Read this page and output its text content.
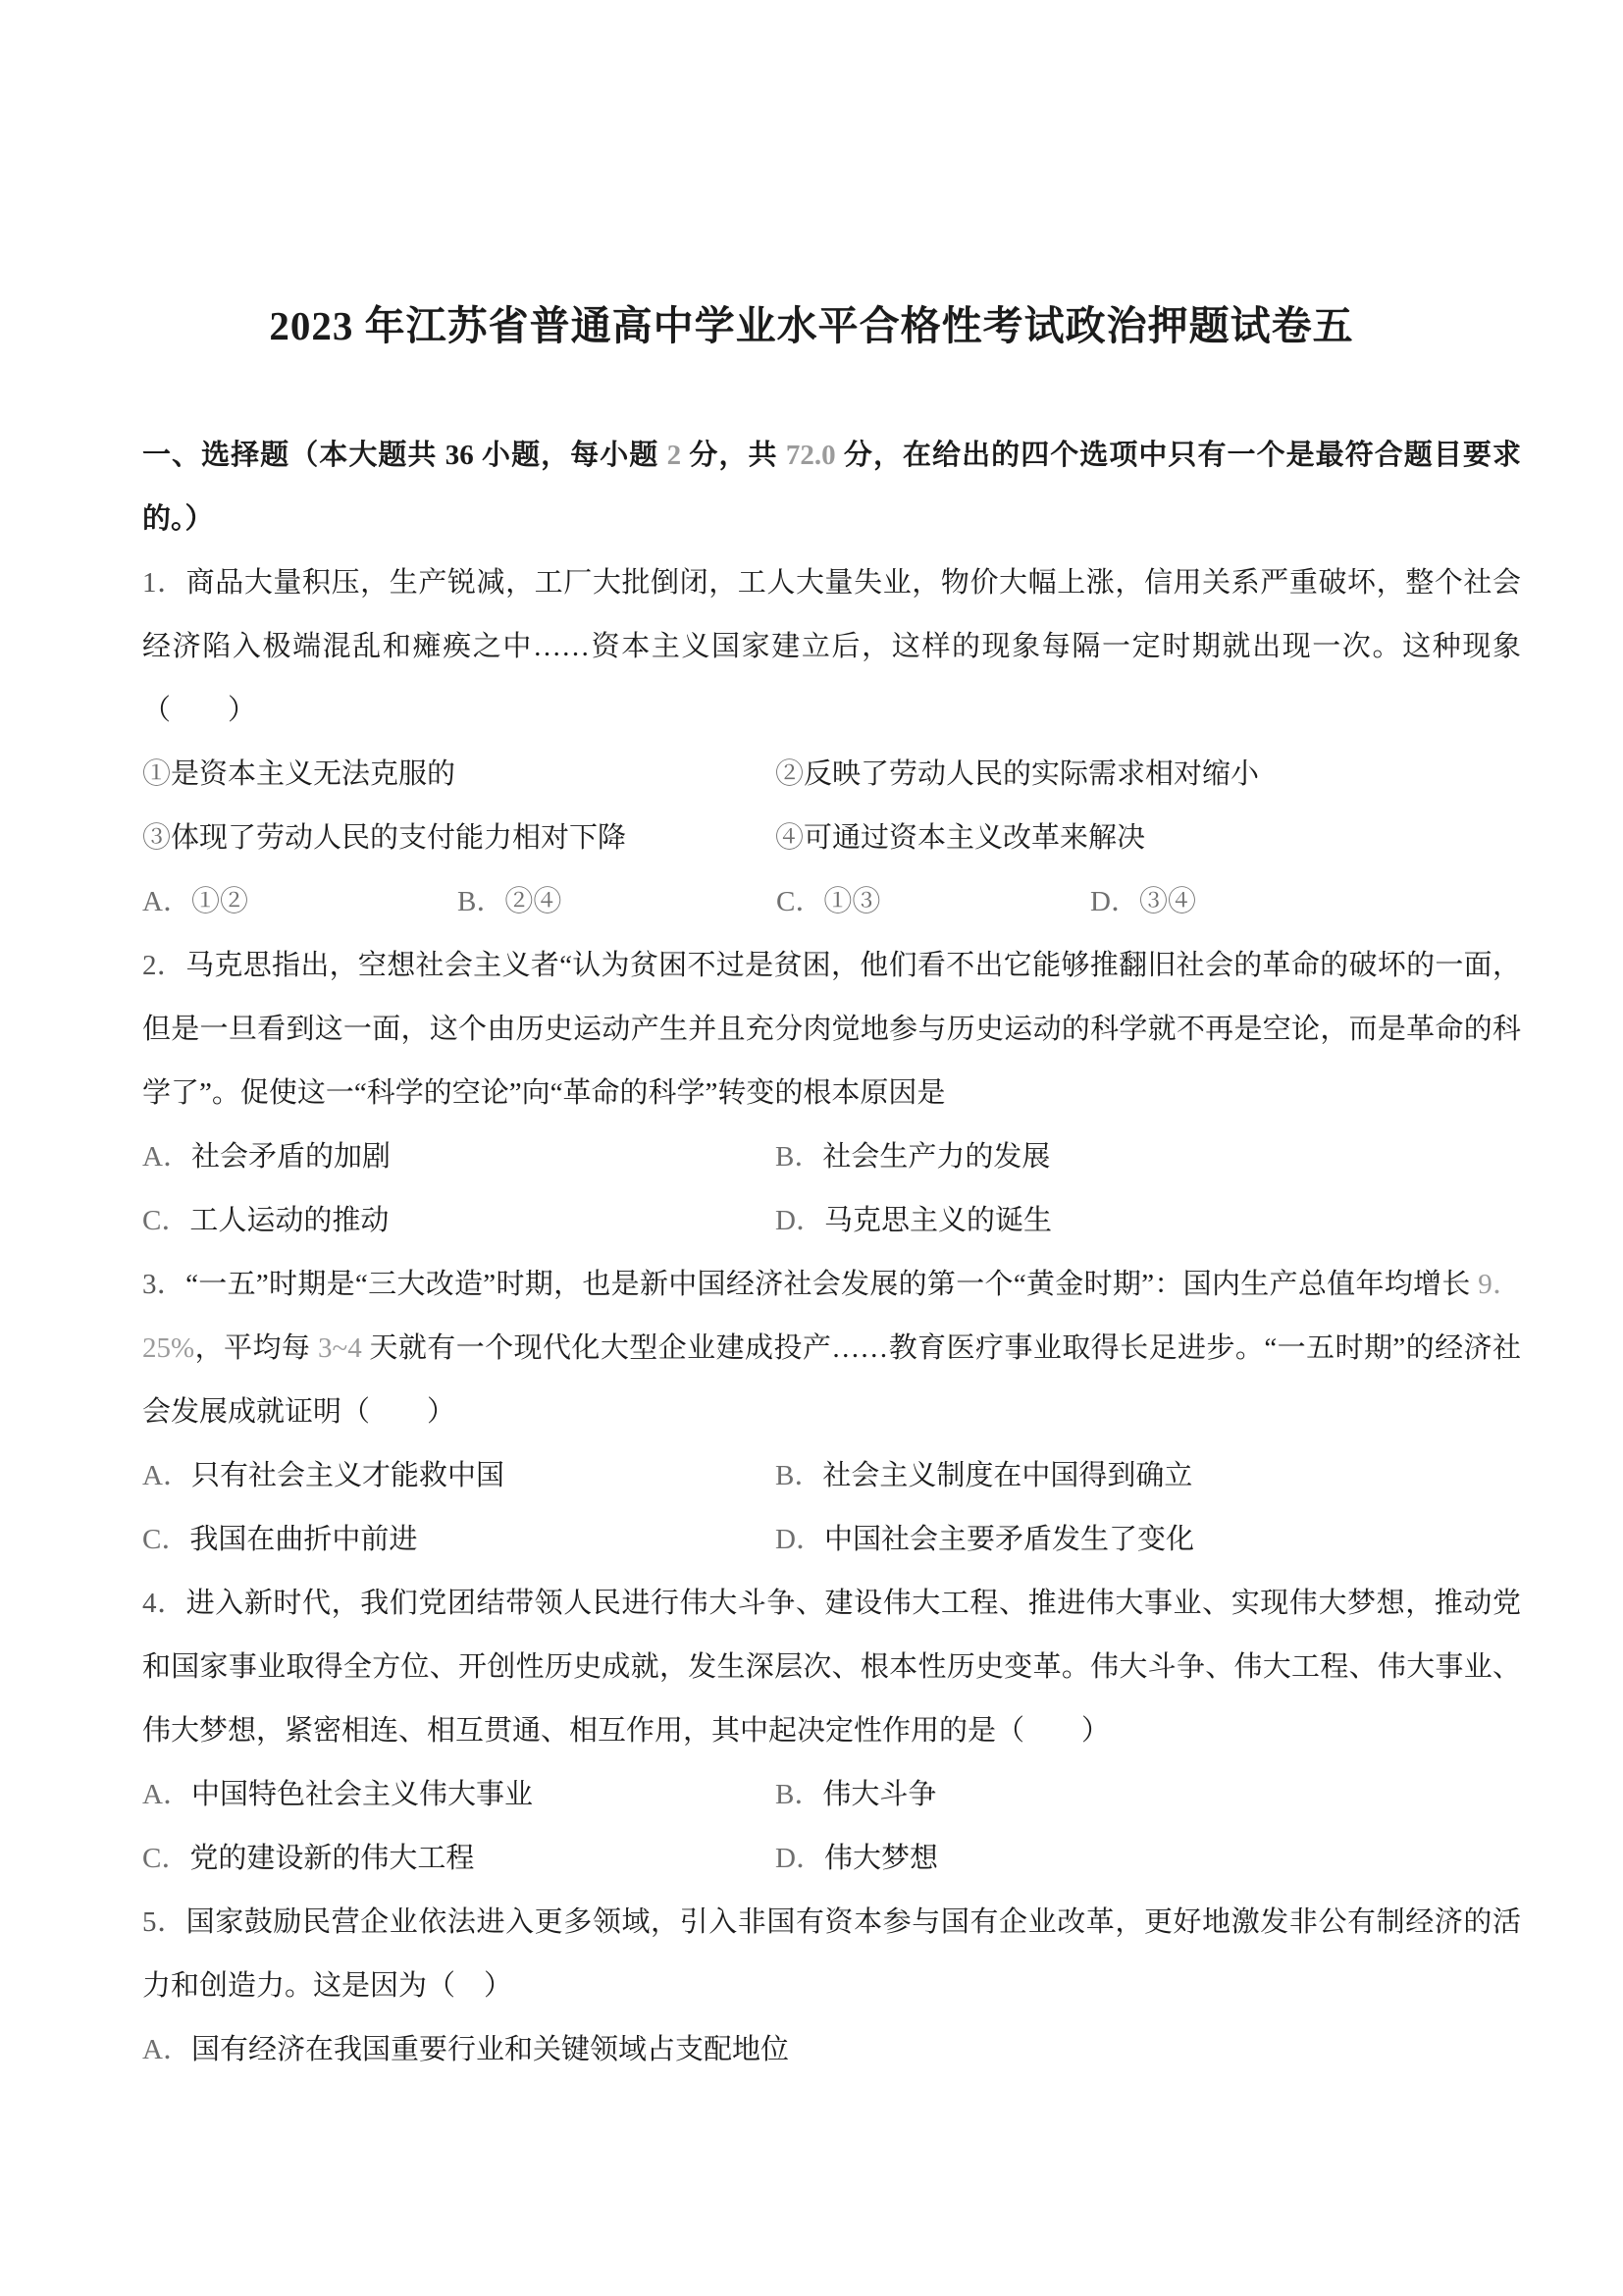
2023 年江苏省普通高中学业水平合格性考试政治押题试卷五
一、选择题（本大题共 36 小题，每小题 2 分，共 72.0 分，在给出的四个选项中只有一个是最符合题目要求的。）
1．商品大量积压，生产锐减，工厂大批倒闭，工人大量失业，物价大幅上涨，信用关系严重破坏，整个社会经济陷入极端混乱和瘫痪之中……资本主义国家建立后，这样的现象每隔一定时期就出现一次。这种现象（　　）
①是资本主义无法克服的	②反映了劳动人民的实际需求相对缩小
③体现了劳动人民的支付能力相对下降	④可通过资本主义改革来解决
A．①②	B．②④	C．①③	D．③④
2．马克思指出，空想社会主义者“认为贫困不过是贫困，他们看不出它能够推翻旧社会的革命的破坏的一面，但是一旦看到这一面，这个由历史运动产生并且充分肉觉地参与历史运动的科学就不再是空论，而是革命的科学了”。促使这一“科学的空论”向“革命的科学”转变的根本原因是
A．社会矛盾的加剧	B．社会生产力的发展
C．工人运动的推动	D．马克思主义的诞生
3．“一五”时期是“三大改造”时期，也是新中国经济社会发展的第一个“黄金时期”：国内生产总值年均增长 9．25%，平均每 3~4 天就有一个现代化大型企业建成投产……教育医疗事业取得长足进步。“一五时期”的经济社会发展成就证明（　　）
A．只有社会主义才能救中国	B．社会主义制度在中国得到确立
C．我国在曲折中前进	D．中国社会主要矛盾发生了变化
4．进入新时代，我们党团结带领人民进行伟大斗争、建设伟大工程、推进伟大事业、实现伟大梦想，推动党和国家事业取得全方位、开创性历史成就，发生深层次、根本性历史变革。伟大斗争、伟大工程、伟大事业、伟大梦想，紧密相连、相互贯通、相互作用，其中起决定性作用的是（　　）
A．中国特色社会主义伟大事业	B．伟大斗争
C．党的建设新的伟大工程	D．伟大梦想
5．国家鼓励民营企业依法进入更多领域，引入非国有资本参与国有企业改革，更好地激发非公有制经济的活力和创造力。这是因为（　）
A．国有经济在我国重要行业和关键领域占支配地位
